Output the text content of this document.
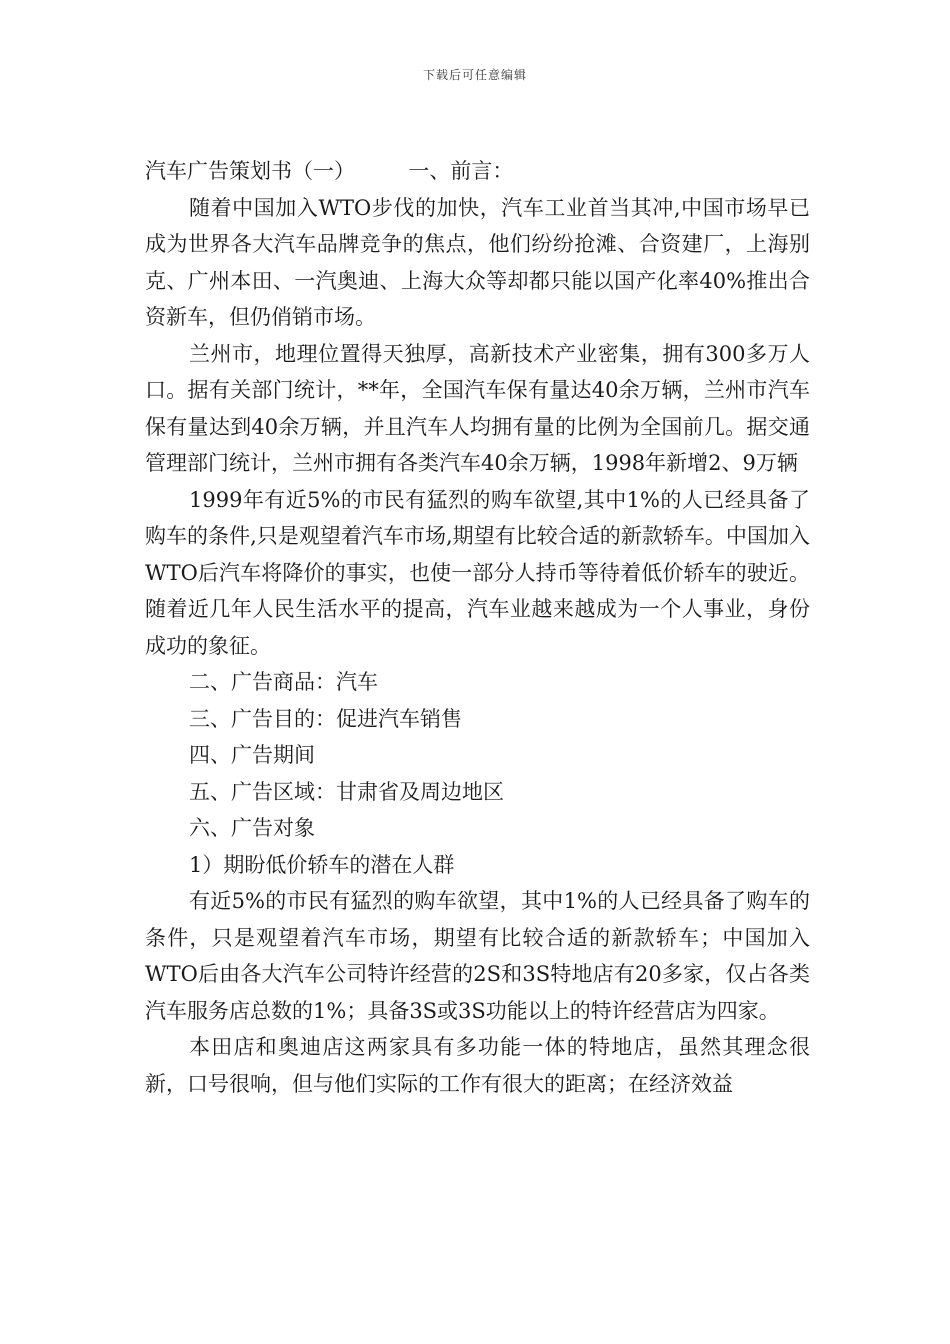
下载后可任意编辑

汽车广告策划书（一）        一、前言：

随着中国加入WTO步伐的加快，汽车工业首当其冲,中国市场早已成为世界各大汽车品牌竞争的焦点，他们纷纷抢滩、合资建厂，上海别克、广州本田、一汽奥迪、上海大众等却都只能以国产化率40%推出合资新车，但仍俏销市场。

兰州市，地理位置得天独厚，高新技术产业密集，拥有300多万人口。据有关部门统计，**年，全国汽车保有量达40余万辆，兰州市汽车保有量达到40余万辆，并且汽车人均拥有量的比例为全国前几。据交通管理部门统计，兰州市拥有各类汽车40余万辆，1998年新增2、9万辆

1999年有近5%的市民有猛烈的购车欲望,其中1%的人已经具备了购车的条件,只是观望着汽车市场,期望有比较合适的新款轿车。中国加入WTO后汽车将降价的事实，也使一部分人持币等待着低价轿车的驶近。随着近几年人民生活水平的提高，汽车业越来越成为一个人事业，身份成功的象征。

二、广告商品：汽车

三、广告目的：促进汽车销售

四、广告期间

五、广告区域：甘肃省及周边地区

六、广告对象

1）期盼低价轿车的潜在人群

有近5%的市民有猛烈的购车欲望，其中1%的人已经具备了购车的条件，只是观望着汽车市场，期望有比较合适的新款轿车；中国加入WTO后由各大汽车公司特许经营的2S和3S特地店有20多家，仅占各类汽车服务店总数的1%；具备3S或3S功能以上的特许经营店为四家。

本田店和奥迪店这两家具有多功能一体的特地店，虽然其理念很新，口号很响，但与他们实际的工作有很大的距离；在经济效益
